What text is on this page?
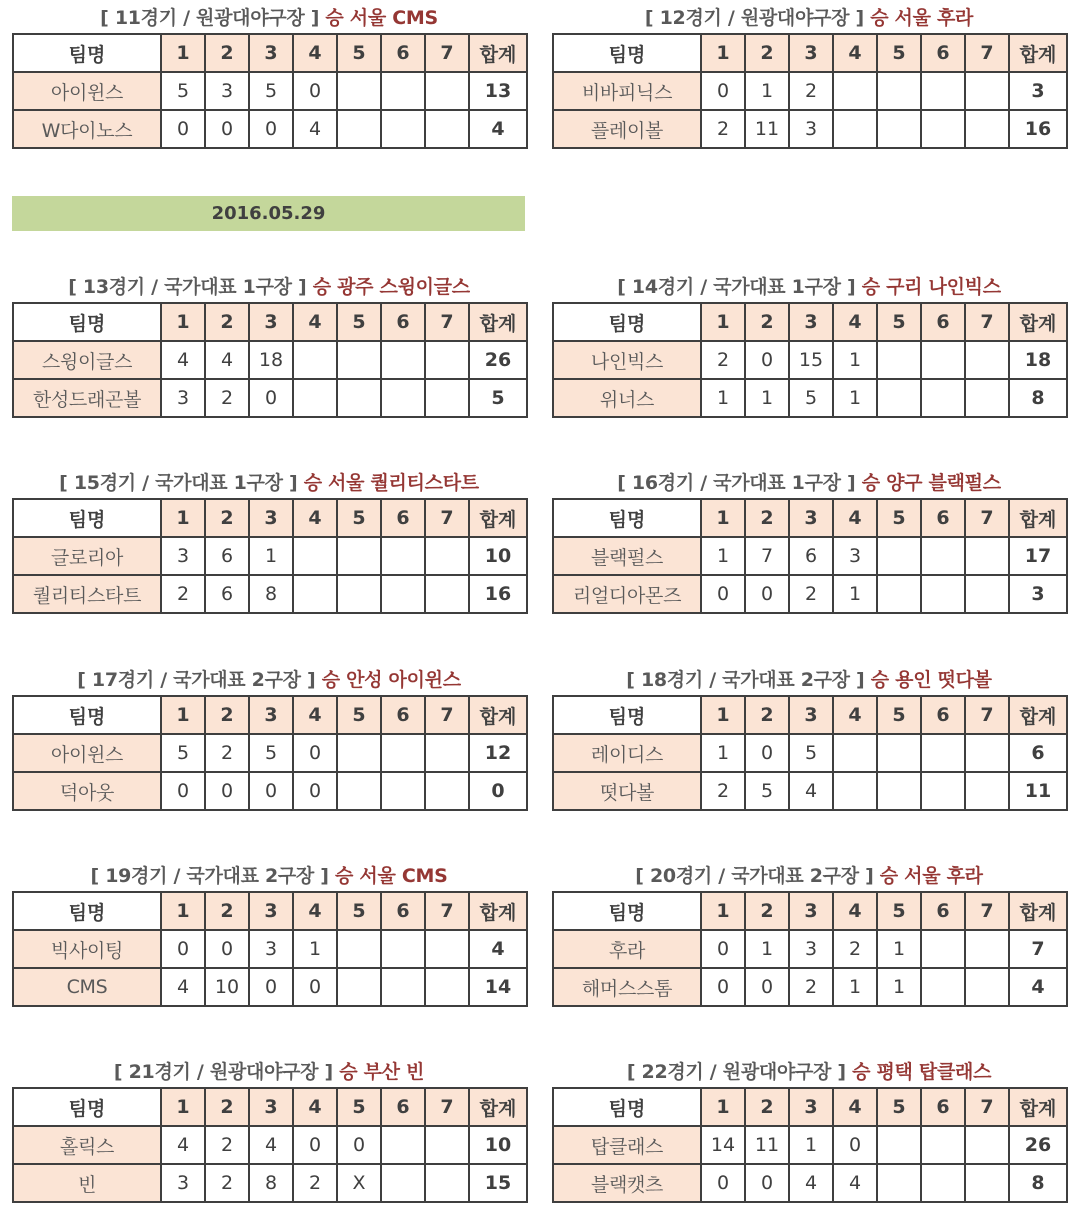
2016.05.29
[ 11경기 / 원광대야구장 ] 승 서울 CMS
팀명	1	2	3	4	5	6	7	합계
아이윈스	5	3	5	0				13
W다이노스	0	0	0	4				4
[ 12경기 / 원광대야구장 ] 승 서울 후라
팀명	1	2	3	4	5	6	7	합계
비바피닉스	0	1	2					3
플레이볼	2	11	3					16
[ 13경기 / 국가대표 1구장 ] 승 광주 스윙이글스
팀명	1	2	3	4	5	6	7	합계
스윙이글스	4	4	18					26
한성드래곤볼	3	2	0					5
[ 14경기 / 국가대표 1구장 ] 승 구리 나인빅스
팀명	1	2	3	4	5	6	7	합계
나인빅스	2	0	15	1				18
위너스	1	1	5	1				8
[ 15경기 / 국가대표 1구장 ] 승 서울 퀄리티스타트
팀명	1	2	3	4	5	6	7	합계
글로리아	3	6	1					10
퀄리티스타트	2	6	8					16
[ 16경기 / 국가대표 1구장 ] 승 양구 블랙펄스
팀명	1	2	3	4	5	6	7	합계
블랙펄스	1	7	6	3				17
리얼디아몬즈	0	0	2	1				3
[ 17경기 / 국가대표 2구장 ] 승 안성 아이윈스
팀명	1	2	3	4	5	6	7	합계
아이윈스	5	2	5	0				12
덕아웃	0	0	0	0				0
[ 18경기 / 국가대표 2구장 ] 승 용인 떳다볼
팀명	1	2	3	4	5	6	7	합계
레이디스	1	0	5					6
떳다볼	2	5	4					11
[ 19경기 / 국가대표 2구장 ] 승 서울 CMS
팀명	1	2	3	4	5	6	7	합계
빅사이팅	0	0	3	1				4
CMS	4	10	0	0				14
[ 20경기 / 국가대표 2구장 ] 승 서울 후라
팀명	1	2	3	4	5	6	7	합계
후라	0	1	3	2	1			7
해머스스톰	0	0	2	1	1			4
[ 21경기 / 원광대야구장 ] 승 부산 빈
팀명	1	2	3	4	5	6	7	합계
홀릭스	4	2	4	0	0			10
빈	3	2	8	2	X			15
[ 22경기 / 원광대야구장 ] 승 평택 탑클래스
팀명	1	2	3	4	5	6	7	합계
탑클래스	14	11	1	0				26
블랙캣츠	0	0	4	4				8
